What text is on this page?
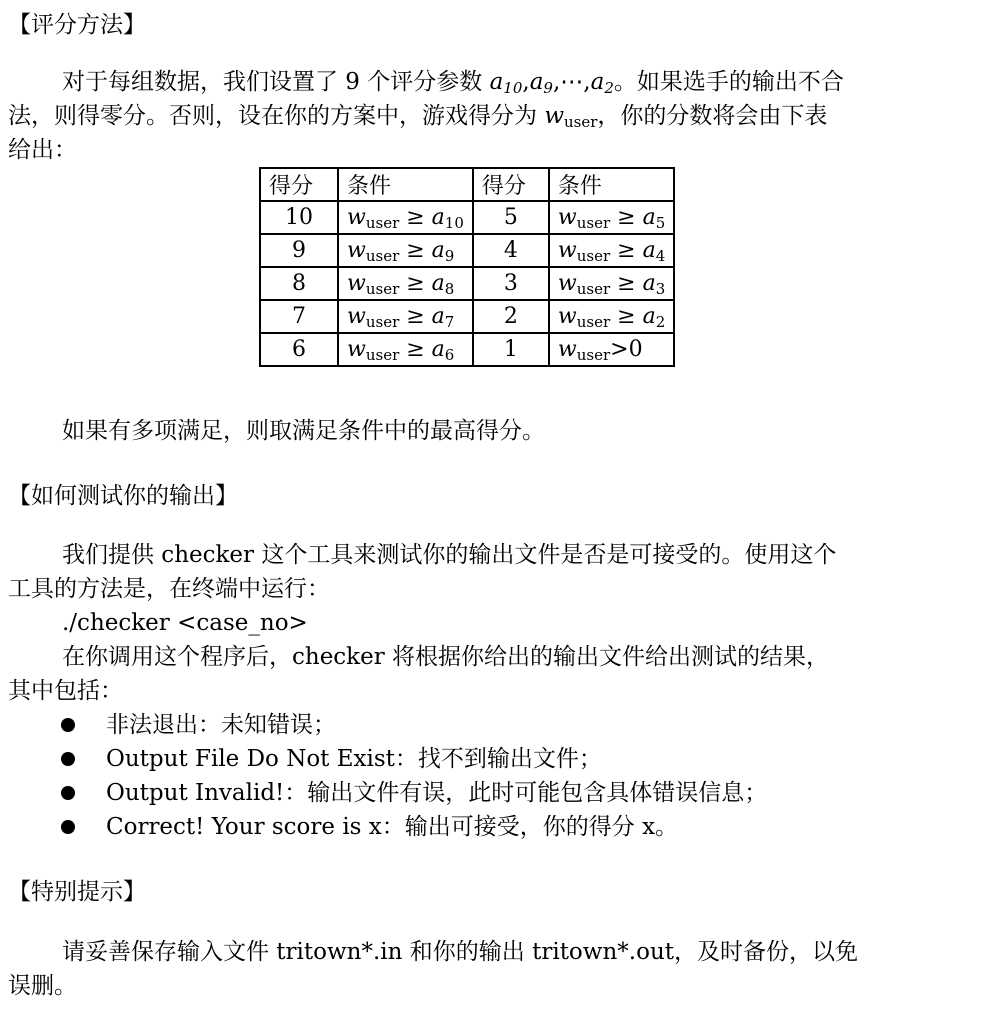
【评分方法】
对于每组数据，我们设置了 9 个评分参数 $a_{10},a_9,\cdots,a_2$。如果选手的输出不合
法，则得零分。否则，设在你的方案中，游戏得分为 $w_{user}$，你的分数将会由下表
给出：
得分	条件	得分	条件
10	$w_{user} \ge a_{10}$	5	$w_{user} \ge a_5$
9	$w_{user} \ge a_9$	4	$w_{user} \ge a_4$
8	$w_{user} \ge a_8$	3	$w_{user} \ge a_3$
7	$w_{user} \ge a_7$	2	$w_{user} \ge a_2$
6	$w_{user} \ge a_6$	1	$w_{user}>0$
如果有多项满足，则取满足条件中的最高得分。
【如何测试你的输出】
我们提供 checker 这个工具来测试你的输出文件是否是可接受的。使用这个
工具的方法是，在终端中运行：
./checker <case_no>
在你调用这个程序后，checker 将根据你给出的输出文件给出测试的结果，
其中包括：
非法退出：未知错误；
Output File Do Not Exist：找不到输出文件；
Output Invalid!：输出文件有误，此时可能包含具体错误信息；
Correct! Your score is x：输出可接受，你的得分 x。
【特别提示】
请妥善保存输入文件 tritown*.in 和你的输出 tritown*.out，及时备份，以免
误删。
